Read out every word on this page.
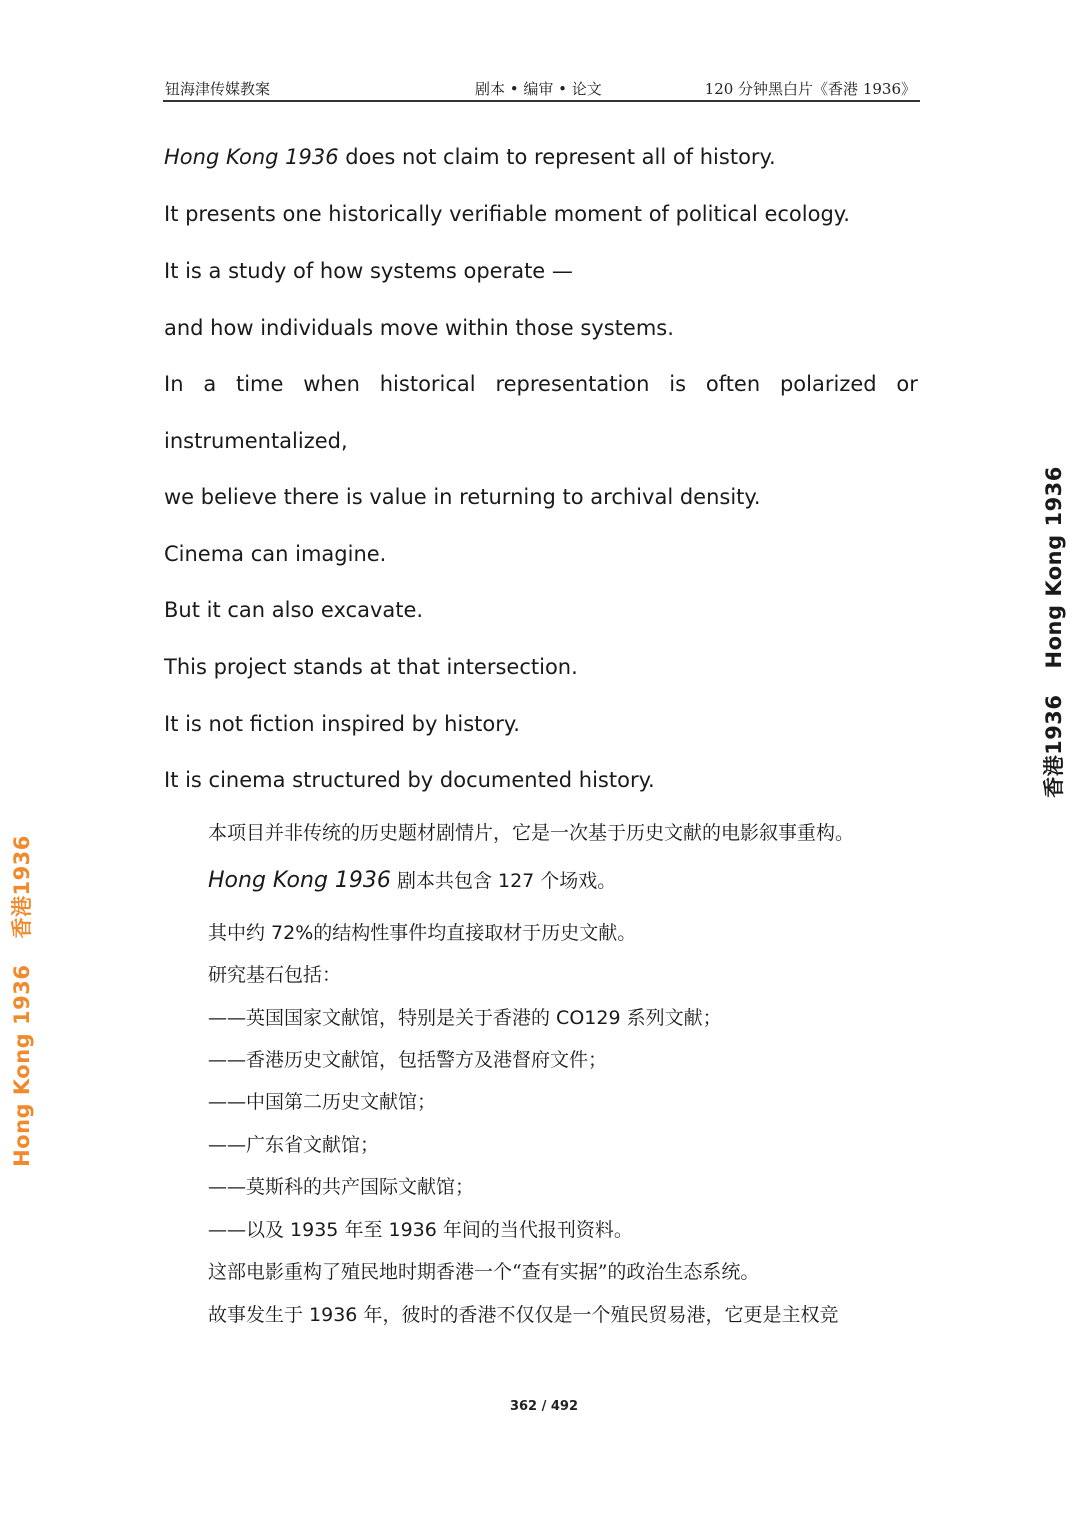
钮海津传媒教案	剧本 • 编审 • 论文	120 分钟黑白片《香港 1936》
Hong Kong 1936 does not claim to represent all of history.
It presents one historically verifiable moment of political ecology.
It is a study of how systems operate —
and how individuals move within those systems.
In a time when historical representation is often polarized or
instrumentalized,
we believe there is value in returning to archival density.
Cinema can imagine.
But it can also excavate.
This project stands at that intersection.
It is not fiction inspired by history.
It is cinema structured by documented history.
本项目并非传统的历史题材剧情片，它是一次基于历史文献的电影叙事重构。
Hong Kong 1936 剧本共包含 127 个场戏。
其中约 72%的结构性事件均直接取材于历史文献。
研究基石包括：
——英国国家文献馆，特别是关于香港的 CO129 系列文献；
——香港历史文献馆，包括警方及港督府文件；
——中国第二历史文献馆；
——广东省文献馆；
——莫斯科的共产国际文献馆；
——以及 1935 年至 1936 年间的当代报刊资料。
这部电影重构了殖民地时期香港一个“查有实据”的政治生态系统。
故事发生于 1936 年，彼时的香港不仅仅是一个殖民贸易港，它更是主权竞
香港1936Hong Kong 1936
Hong Kong 1936香港1936
362 / 492
